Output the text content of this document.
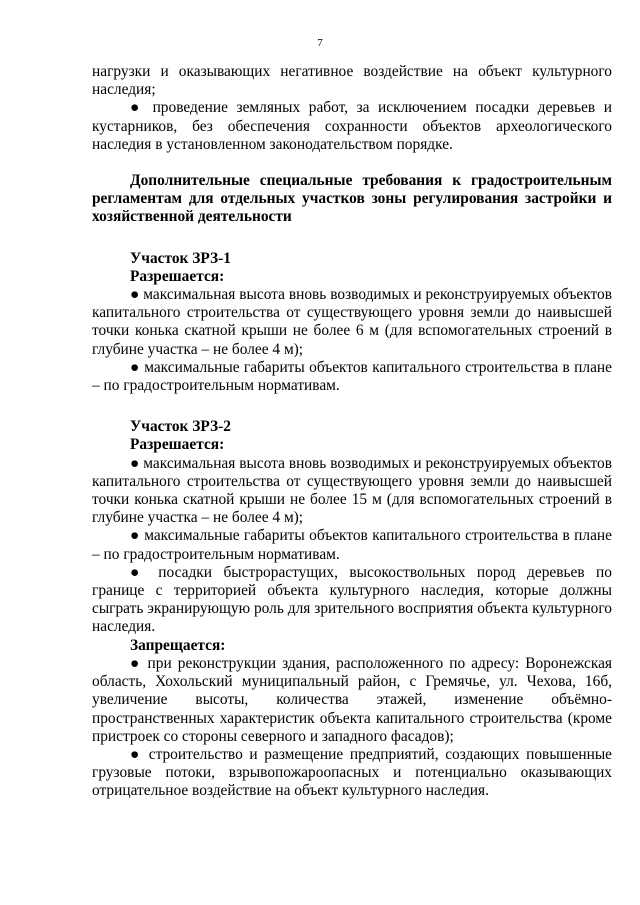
7

нагрузки и оказывающих негативное воздействие на объект культурного наследия;

● проведение земляных работ, за исключением посадки деревьев и кустарников, без обеспечения сохранности объектов археологического наследия в установленном законодательством порядке.

Дополнительные специальные требования к градостроительным регламентам для отдельных участков зоны регулирования застройки и хозяйственной деятельности

Участок ЗРЗ-1
Разрешается:

● максимальная высота вновь возводимых и реконструируемых объектов капитального строительства от существующего уровня земли до наивысшей точки конька скатной крыши не более 6 м (для вспомогательных строений в глубине участка – не более 4 м);

● максимальные габариты объектов капитального строительства в плане – по градостроительным нормативам.

Участок ЗРЗ-2
Разрешается:

● максимальная высота вновь возводимых и реконструируемых объектов капитального строительства от существующего уровня земли до наивысшей точки конька скатной крыши не более 15 м (для вспомогательных строений в глубине участка – не более 4 м);

● максимальные габариты объектов капитального строительства в плане – по градостроительным нормативам.

● посадки быстрорастущих, высокоствольных пород деревьев по границе с территорией объекта культурного наследия, которые должны сыграть экранирующую роль для зрительного восприятия объекта культурного наследия.

Запрещается:

● при реконструкции здания, расположенного по адресу: Воронежская область, Хохольский муниципальный район, с Гремячье, ул. Чехова, 16б, увеличение высоты, количества этажей, изменение объёмно-пространственных характеристик объекта капитального строительства (кроме пристроек со стороны северного и западного фасадов);

● строительство и размещение предприятий, создающих повышенные грузовые потоки, взрывопожароопасных и потенциально оказывающих отрицательное воздействие на объект культурного наследия.
